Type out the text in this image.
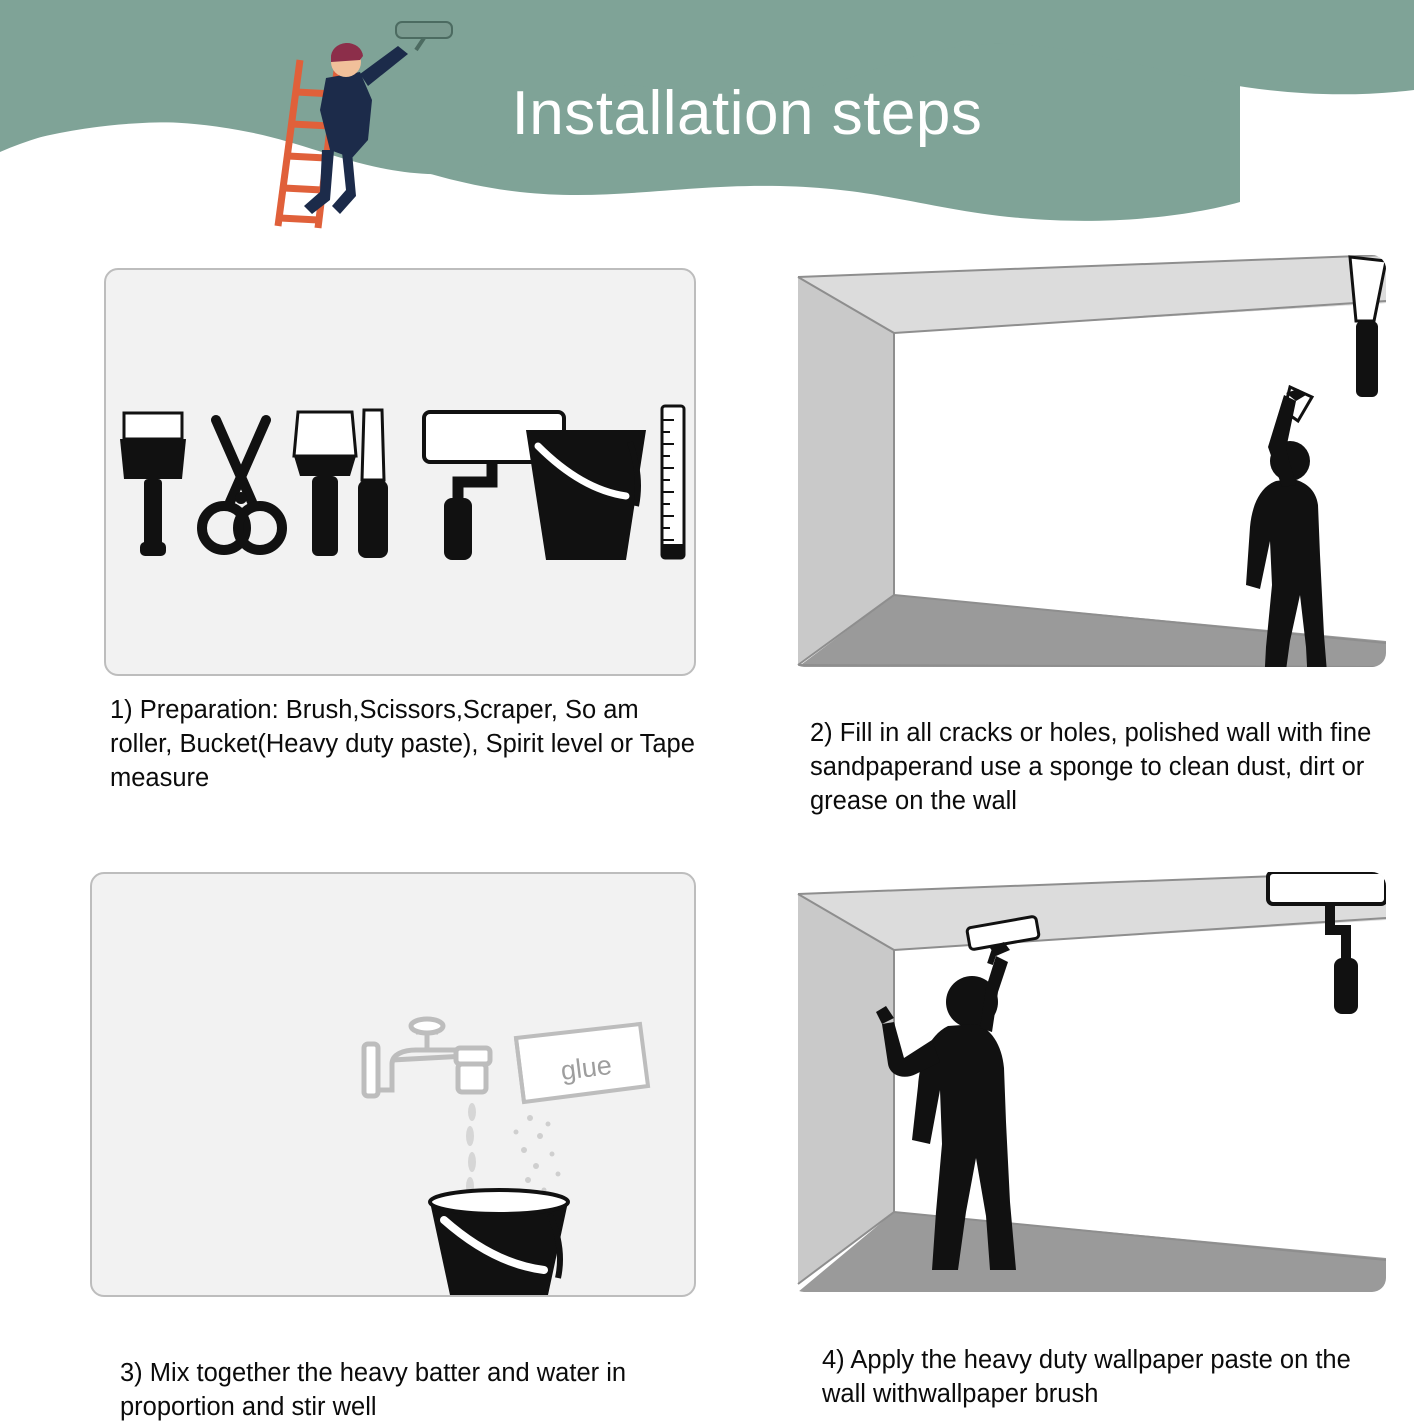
Installation steps
1) Preparation: Brush,Scissors,Scraper, So am roller, Bucket(Heavy duty paste), Spirit level or Tape measure
2) Fill in all cracks or holes, polished wall with fine sandpaperand use a sponge to clean dust, dirt or grease on the wall
glue
3) Mix together the heavy batter and water in proportion and stir well
4) Apply the heavy duty wallpaper paste on the wall withwallpaper brush
